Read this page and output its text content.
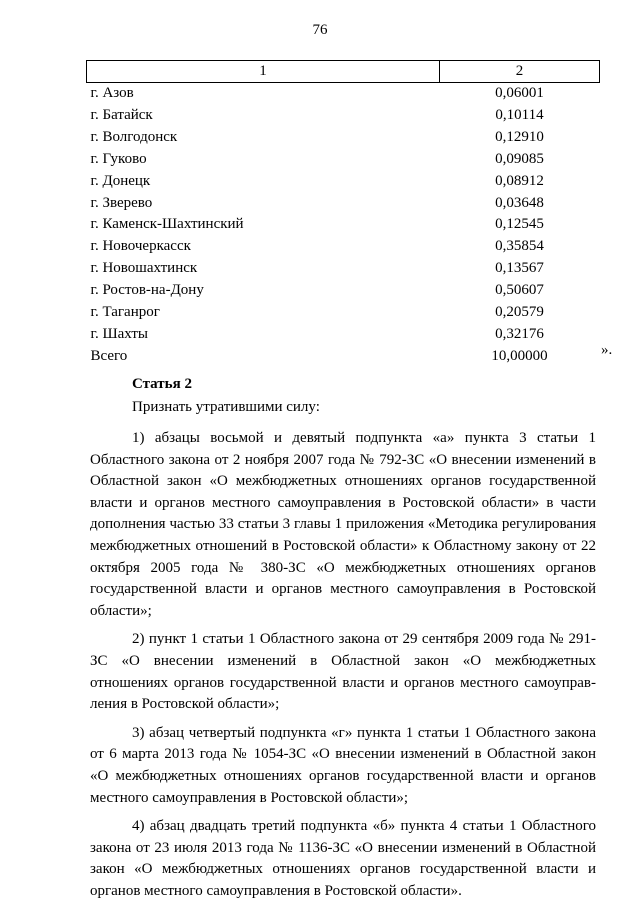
76
1	2
г. Азов	0,06001
г. Батайск	0,10114
г. Волгодонск	0,12910
г. Гуково	0,09085
г. Донецк	0,08912
г. Зверево	0,03648
г. Каменск-Шахтинский	0,12545
г. Новочеркасск	0,35854
г. Новошахтинск	0,13567
г. Ростов-на-Дону	0,50607
г. Таганрог	0,20579
г. Шахты	0,32176
Всего	10,00000	».

Статья 2

Признать утратившими силу:

1) абзацы восьмой и девятый подпункта «а» пункта 3 статьи 1 Областного закона от 2 ноября 2007 года № 792-ЗС «О внесении изменений в Областной закон «О межбюджетных отношениях органов государственной власти и органов местного самоуправления в Ростовской области» в части дополнения частью 33 статьи 3 главы 1 приложения «Методика регулирования межбюджетных отношений в Ростовской области» к Областному закону от 22 октября 2005 года № 380-ЗС «О межбюджетных отношениях органов государственной власти и органов местного самоуправления в Ростовской области»;

2) пункт 1 статьи 1 Областного закона от 29 сентября 2009 года № 291-ЗС «О внесении изменений в Областной закон «О межбюджетных отношениях органов государственной власти и органов местного самоуправления в Ростовской области»;

3) абзац четвертый подпункта «г» пункта 1 статьи 1 Областного закона от 6 марта 2013 года № 1054-ЗС «О внесении изменений в Областной закон «О межбюджетных отношениях органов государственной власти и органов местного самоуправления в Ростовской области»;

4) абзац двадцать третий подпункта «б» пункта 4 статьи 1 Областного закона от 23 июля 2013 года № 1136-ЗС «О внесении изменений в Областной закон «О межбюджетных отношениях органов государственной власти и органов местного самоуправления в Ростовской области».
